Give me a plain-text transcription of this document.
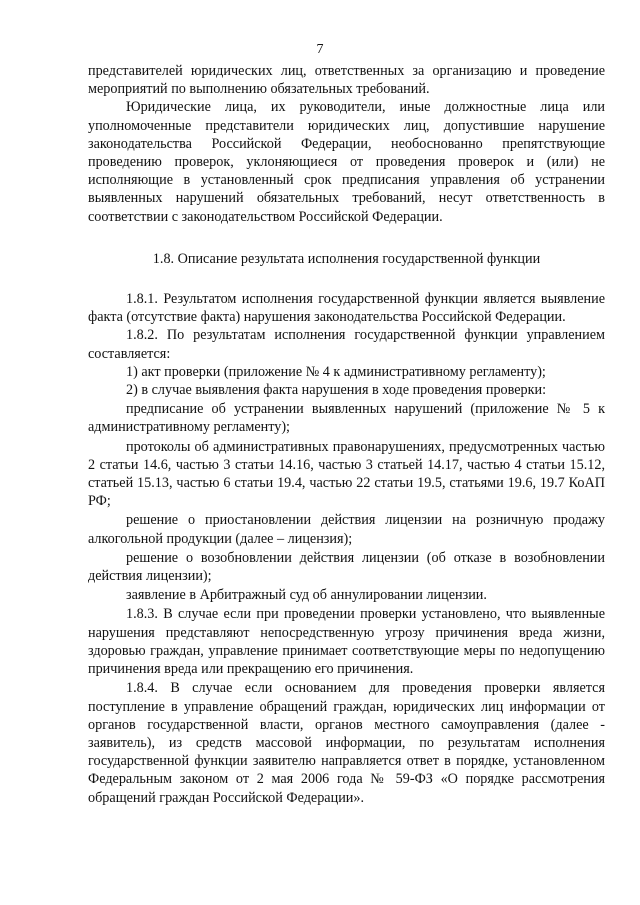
7

представителей юридических лиц, ответственных за организацию и проведение мероприятий по выполнению обязательных требований.

Юридические лица, их руководители, иные должностные лица или уполномоченные представители юридических лиц, допустившие нарушение законодательства Российской Федерации, необоснованно препятствующие проведению проверок, уклоняющиеся от проведения проверок и (или) не исполняющие в установленный срок предписания управления об устранении выявленных нарушений обязательных требований, несут ответственность в соответствии с законодательством Российской Федерации.

1.8. Описание результата исполнения государственной функции

1.8.1. Результатом исполнения государственной функции является выявление факта (отсутствие факта) нарушения законодательства Российской Федерации.

1.8.2. По результатам исполнения государственной функции управлением составляется:

1) акт проверки (приложение № 4 к административному регламенту);

2) в случае выявления факта нарушения в ходе проведения проверки:

предписание об устранении выявленных нарушений (приложение № 5 к административному регламенту);

протоколы об административных правонарушениях, предусмотренных частью 2 статьи 14.6, частью 3 статьи 14.16, частью 3 статьей 14.17, частью 4 статьи 15.12, статьей 15.13, частью 6 статьи 19.4, частью 22 статьи 19.5, статьями 19.6, 19.7 КоАП РФ;

решение о приостановлении действия лицензии на розничную продажу алкогольной продукции (далее – лицензия);

решение о возобновлении действия лицензии (об отказе в возобновлении действия лицензии);

заявление в Арбитражный суд об аннулировании лицензии.

1.8.3. В случае если при проведении проверки установлено, что выявленные нарушения представляют непосредственную угрозу причинения вреда жизни, здоровью граждан, управление принимает соответствующие меры по недопущению причинения вреда или прекращению его причинения.

1.8.4. В случае если основанием для проведения проверки является поступление в управление обращений граждан, юридических лиц информации от органов государственной власти, органов местного самоуправления (далее - заявитель), из средств массовой информации, по результатам исполнения государственной функции заявителю направляется ответ в порядке, установленном Федеральным законом от 2 мая 2006 года № 59-ФЗ «О порядке рассмотрения обращений граждан Российской Федерации».
